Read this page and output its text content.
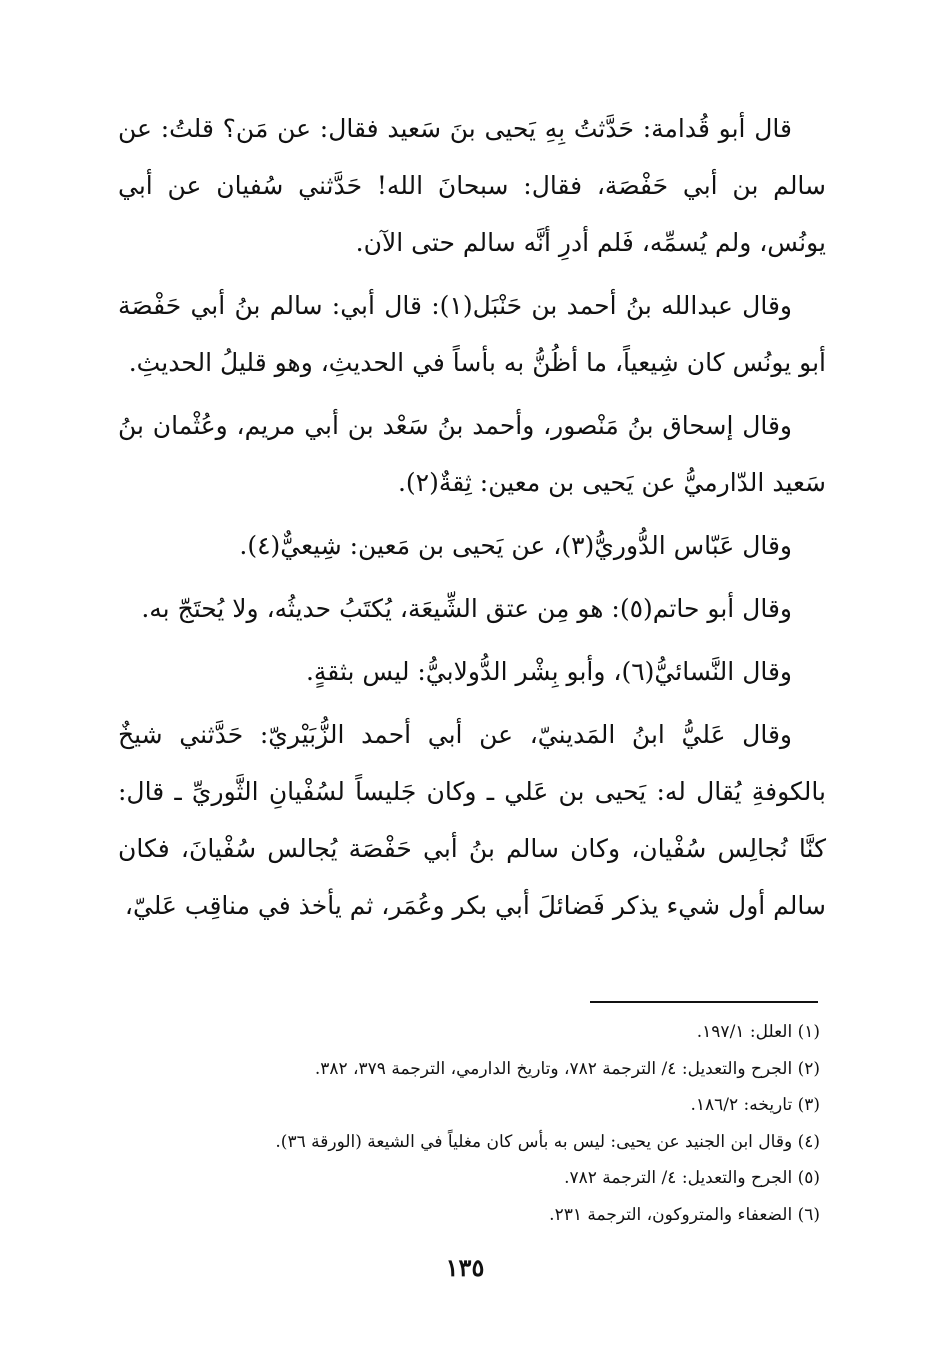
قال أبو قُدامة: حَدَّثتُ بِهِ يَحيى بنَ سَعيد فقال: عن مَن؟ قلتُ: عن سالم بن أبي حَفْصَة، فقال: سبحانَ الله! حَدَّثني سُفيان عن أبي يونُس، ولم يُسمِّه، فَلم أدرِ أنَّه سالم حتى الآن.

وقال عبدالله بنُ أحمد بن حَنْبَل(١): قال أبي: سالم بنُ أبي حَفْصَة أبو يونُس كان شِيعياً، ما أظُنُّ به بأساً في الحديثِ، وهو قليلُ الحديثِ.

وقال إسحاق بنُ مَنْصور، وأحمد بنُ سَعْد بن أبي مريم، وعُثْمان بنُ سَعيد الدّارميُّ عن يَحيى بن معين: ثِقةٌ(٢).

وقال عَبّاس الدُّوريُّ(٣)، عن يَحيى بن مَعين: شِيعيٌّ(٤).

وقال أبو حاتم(٥): هو مِن عتق الشِّيعَة، يُكتَبُ حديثُه، ولا يُحتَجّ به.

وقال النَّسائيُّ(٦)، وأبو بِشْر الدُّولابيُّ: ليس بثقةٍ.

وقال عَليُّ ابنُ المَدينيّ، عن أبي أحمد الزُّبَيْريّ: حَدَّثني شيخٌ بالكوفةِ يُقال له: يَحيى بن عَلي ـ وكان جَليساً لسُفْيانِ الثَّوريِّ ـ قال: كنَّا نُجالِس سُفْيان، وكان سالم بنُ أبي حَفْصَة يُجالس سُفْيانَ، فكان سالم أول شيء يذكر فَضائلَ أبي بكر وعُمَر، ثم يأخذ في مناقِب عَليّ،

(١) العلل: ١٩٧/١.
(٢) الجرح والتعديل: ٤/ الترجمة ٧٨٢، وتاريخ الدارمي، الترجمة ٣٧٩، ٣٨٢.
(٣) تاريخه: ١٨٦/٢.
(٤) وقال ابن الجنيد عن يحيى: ليس به بأس كان مغلياً في الشيعة (الورقة ٣٦).
(٥) الجرح والتعديل: ٤/ الترجمة ٧٨٢.
(٦) الضعفاء والمتروكون، الترجمة ٢٣١.
١٣٥
